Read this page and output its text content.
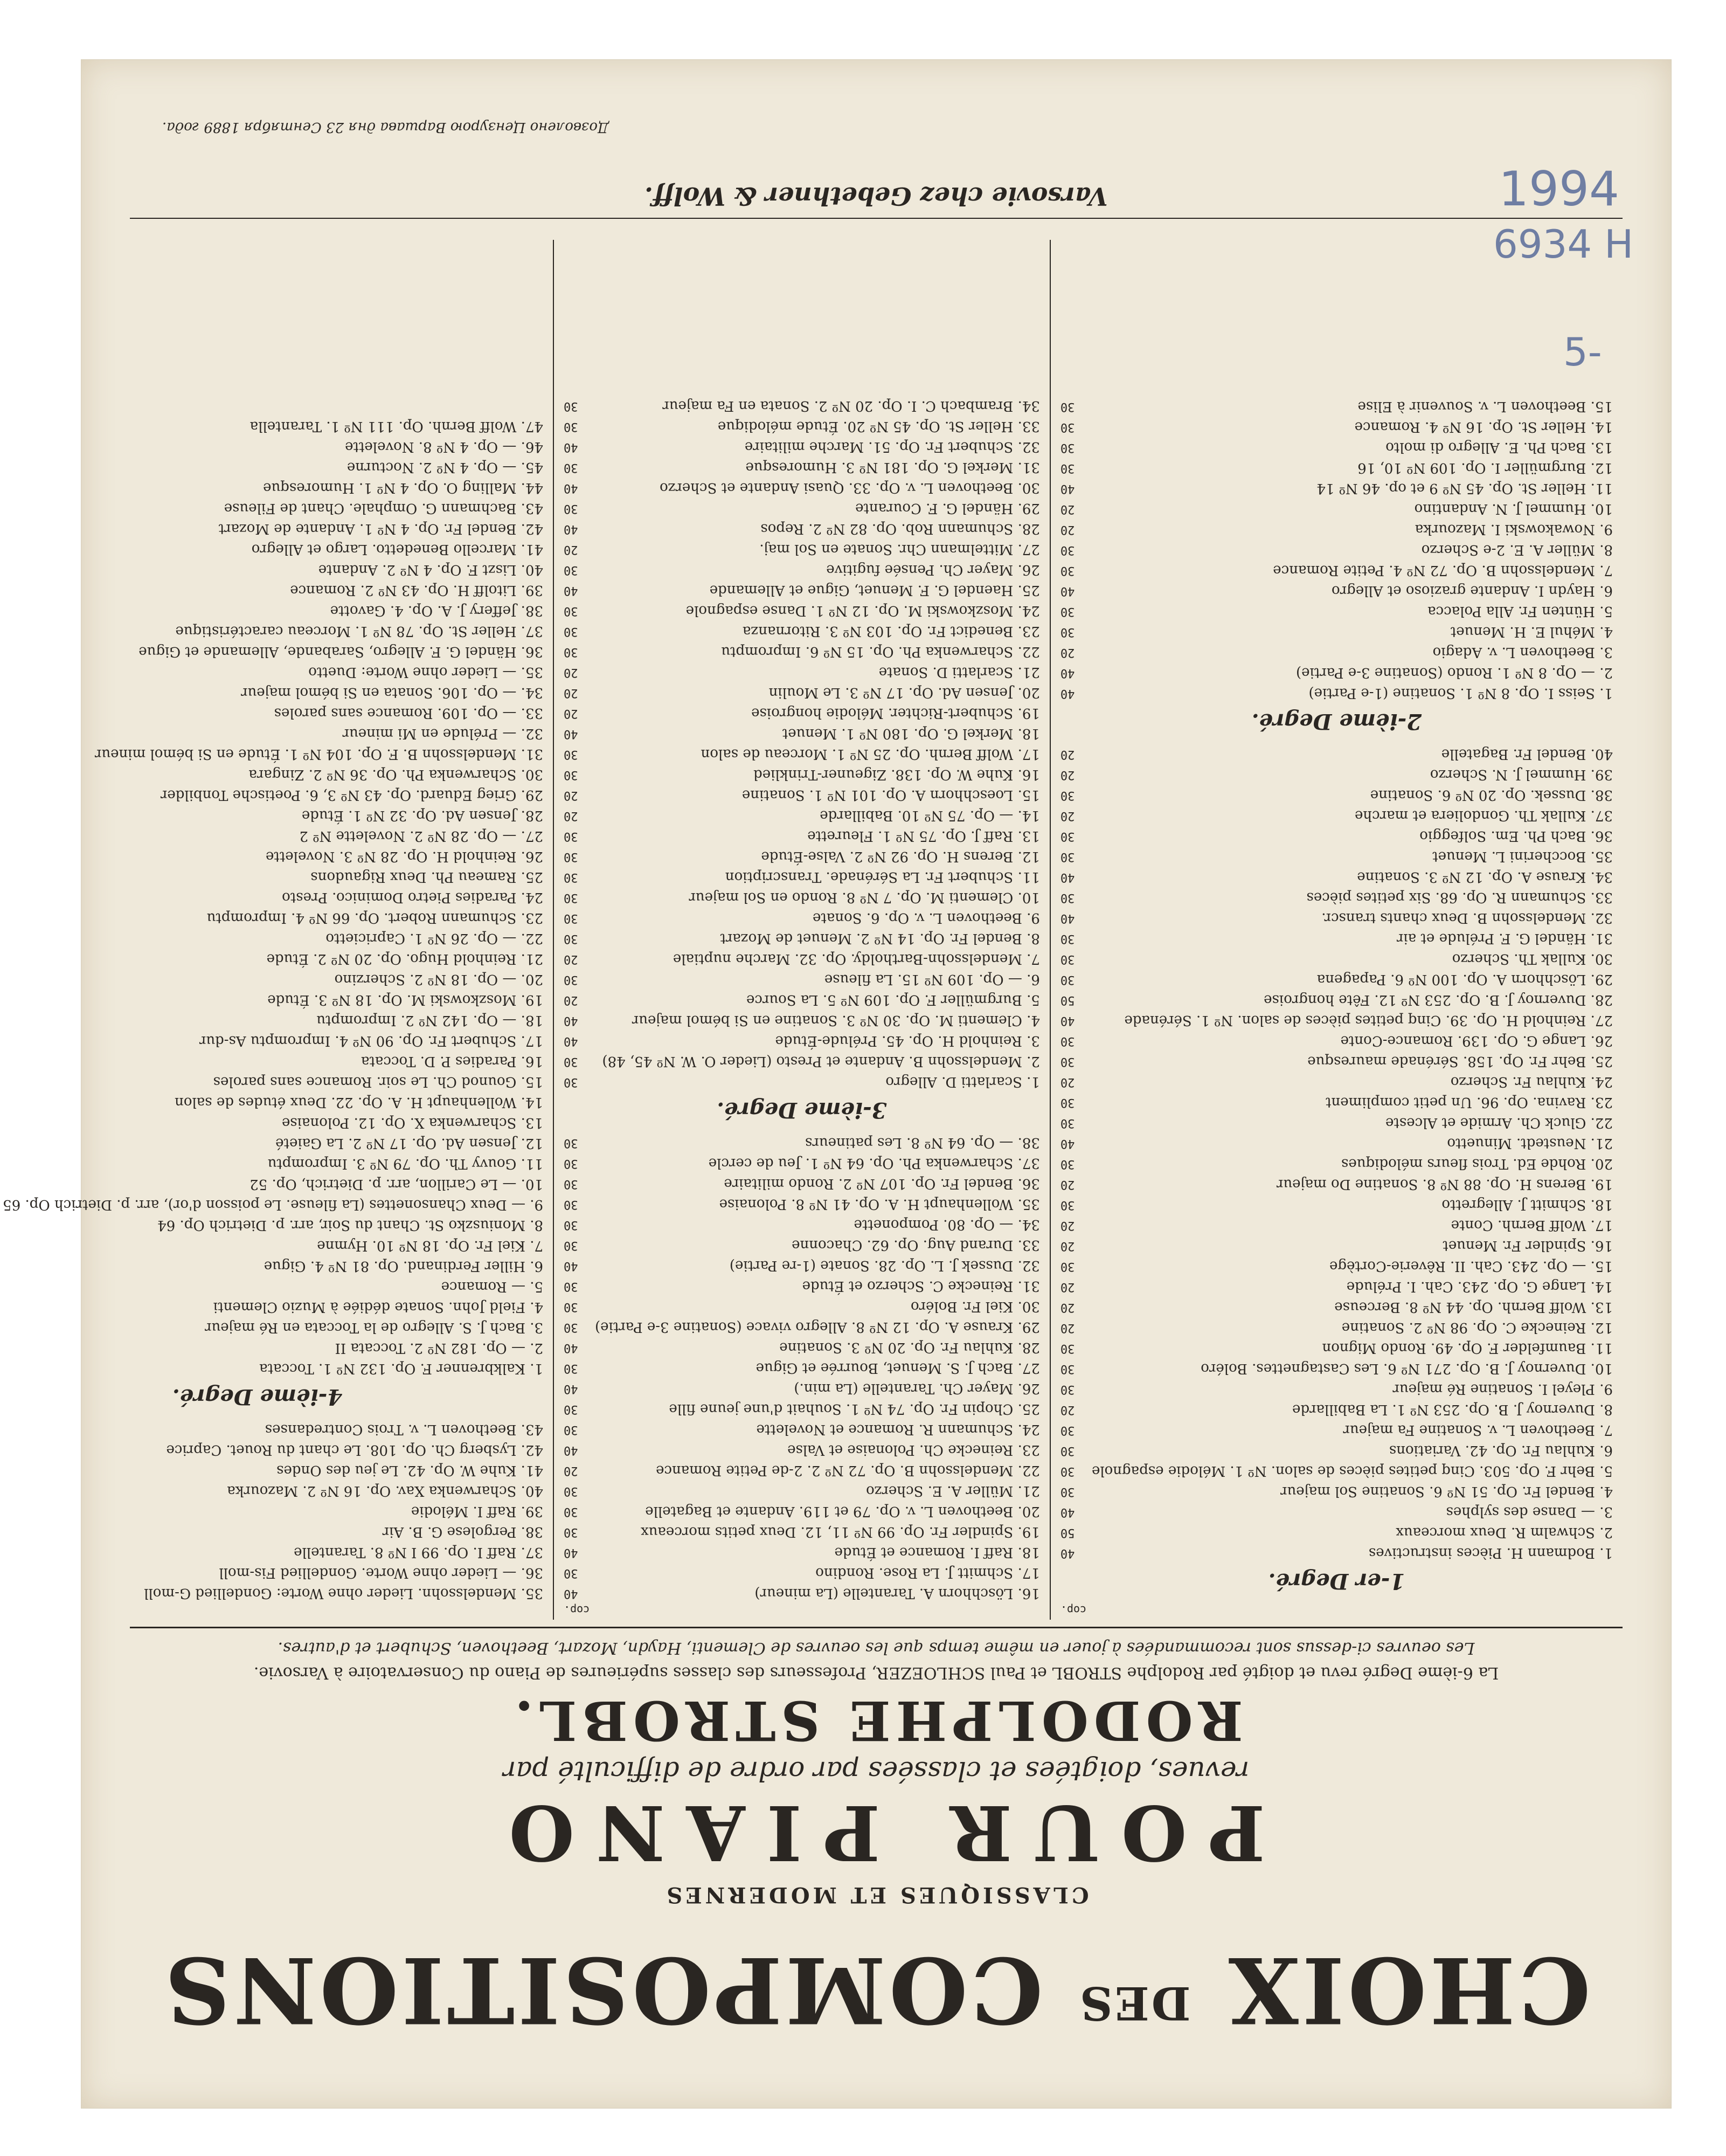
CHOIX $^{DES}$ COMPOSITIONS
CLASSIQUES ET MODERNES
POUR PIANO
revues, doigtées et classées par ordre de difficulté par
RODOLPHE STROBL.
La 6-ième Degré revu et doigté par Rodolphe STROBL et Paul SCHLOEZER, Professeurs des classes supérieures de Piano du Conservatoire à Varsovie.
Les oeuvres ci-dessus sont recommandées à jouer en même temps que les oeuvres de Clementi, Haydn, Mozart, Beethoven, Schubert et d'autres.
cop.
1-er Degré.
1. Bodmann H. Pièces instructives
40
2. Schwalm R. Deux morceaux
50
3. — Danse des sylphes
40
4. Bendel Fr. Op. 51 Nº 6. Sonatine Sol majeur
30
5. Behr F. Op. 503. Cinq petites pièces de salon. Nº 1. Mélodie espagnole
30
6. Kuhlau Fr. Op. 42. Variations
30
7. Beethoven L. v. Sonatine Fa majeur
30
8. Duvernoy J. B. Op. 253 Nº 1. La Babillarde
20
9. Pleyel I. Sonatine Ré majeur
30
10. Duvernoy J. B. Op. 271 Nº 6. Les Castagnettes. Boléro
30
11. Baumfelder F. Op. 49. Rondo Mignon
30
12. Reinecke C. Op. 98 Nº 2. Sonatine
20
13. Wolff Bernh. Op. 44 Nº 8. Berceuse
20
14. Lange G. Op. 243. Cah. I. Prélude
20
15. — Op. 243. Cah. II. Rêverie-Cortège
30
16. Spindler Fr. Menuet
20
17. Wolff Bernh. Conte
20
18. Schmitt J. Allegretto
30
19. Berens H. Op. 88 Nº 8. Sonatine Do majeur
20
20. Rohde Ed. Trois fleurs mélodiques
30
21. Neustedt. Minuetto
40
22. Gluck Ch. Armide et Alceste
30
23. Ravina. Op. 96. Un petit compliment
30
24. Kuhlau Fr. Scherzo
20
25. Behr Fr. Op. 158. Sérénade mauresque
30
26. Lange G. Op. 139. Romance-Conte
30
27. Reinhold H. Op. 39. Cinq petites pièces de salon. Nº 1. Sérénade
40
28. Duvernoy J. B. Op. 253 Nº 12. Fête hongroise
50
29. Löschhorn A. Op. 100 Nº 6. Papagena
30
30. Kullak Th. Scherzo
30
31. Händel G. F. Prélude et air
30
32. Mendelssohn B. Deux chants transcr.
40
33. Schumann R. Op. 68. Six petites pièces
30
34. Krause A. Op. 12 Nº 3. Sonatine
40
35. Boccherini L. Menuet
30
36. Bach Ph. Em. Solfeggio
30
37. Kullak Th. Gondoliera et marche
20
38. Dussek. Op. 20 Nº 6. Sonatine
30
39. Hummel J. N. Scherzo
20
40. Bendel Fr. Bagatelle
20
2-ième Degré.
1. Seiss I. Op. 8 Nº 1. Sonatine (1-e Partie)
40
2. — Op. 8 Nº 1. Rondo (Sonatine 3-e Partie)
40
3. Beethoven L. v. Adagio
20
4. Méhul E. H. Menuet
30
5. Hünten Fr. Alla Polacca
30
6. Haydn I. Andante grazioso et Allegro
40
7. Mendelssohn B. Op. 72 Nº 4. Petite Romance
30
8. Müller A. E. 2-e Scherzo
30
9. Nowakowski I. Mazourka
20
10. Hummel J. N. Andantino
20
11. Heller St. Op. 45 Nº 9 et op. 46 Nº 14
40
12. Burgmüller I. Op. 109 Nº 10, 16
30
13. Bach Ph. E. Allegro di molto
30
14. Heller St. Op. 16 Nº 4. Romance
30
15. Beethoven L. v. Souvenir à Elise
30
cop.
16. Löschhorn A. Tarantelle (La mineur)
40
17. Schmitt J. La Rose. Rondino
30
18. Raff I. Romance et Étude
40
19. Spindler Fr. Op. 99 Nº 11, 12. Deux petits morceaux
30
20. Beethoven L. v. Op. 79 et 119. Andante et Bagatelle
30
21. Müller A. E. Scherzo
30
22. Mendelssohn B. Op. 72 Nº 2. 2-de Petite Romance
20
23. Reinecke Ch. Polonaise et Valse
40
24. Schumann R. Romance et Novelette
30
25. Chopin Fr. Op. 74 Nº 1. Souhait d'une jeune fille
30
26. Mayer Ch. Tarantelle (La min.)
40
27. Bach J. S. Menuet, Bourrée et Gigue
30
28. Kuhlau Fr. Op. 20 Nº 3. Sonatine
40
29. Krause A. Op. 12 Nº 8. Allegro vivace (Sonatine 3-e Partie)
30
30. Kiel Fr. Boléro
30
31. Reinecke C. Scherzo et Étude
30
32. Dussek J. L. Op. 28. Sonate (1-re Partie)
40
33. Durand Aug. Op. 62. Chaconne
30
34. — Op. 80. Pomponette
30
35. Wollenhaupt H. A. Op. 41 Nº 8. Polonaise
30
36. Bendel Fr. Op. 107 Nº 2. Rondo militaire
30
37. Scharwenka Ph. Op. 64 Nº 1. Jeu de cercle
30
38. — Op. 64 Nº 8. Les patineurs
30
3-ième Degré.
1. Scarlatti D. Allegro
30
2. Mendelssohn B. Andante et Presto (Lieder O. W. Nº 45, 48)
30
3. Reinhold H. Op. 45. Prélude-Étude
40
4. Clementi M. Op. 30 Nº 3. Sonatine en Si bémol majeur
40
5. Burgmüller F. Op. 109 Nº 5. La Source
20
6. — Op. 109 Nº 15. La fileuse
30
7. Mendelssohn-Bartholdy. Op. 32. Marche nuptiale
20
8. Bendel Fr. Op. 14 Nº 2. Menuet de Mozart
30
9. Beethoven L. v. Op. 6. Sonate
30
10. Clementi M. Op. 7 Nº 8. Rondo en Sol majeur
30
11. Schubert Fr. La Sérénade. Transcription
30
12. Berens H. Op. 92 Nº 2. Valse-Étude
30
13. Raff J. Op. 75 Nº 1. Fleurette
30
14. — Op. 75 Nº 10. Babillarde
20
15. Loeschhorn A. Op. 101 Nº 1. Sonatine
20
16. Kuhe W. Op. 138. Zigeuner-Trinklied
30
17. Wolff Bernh. Op. 25 Nº 1. Morceau de salon
30
18. Merkel G. Op. 180 Nº 1. Menuet
40
19. Schubert-Richter. Mélodie hongroise
20
20. Jensen Ad. Op. 17 Nº 3. Le Moulin
20
21. Scarlatti D. Sonate
20
22. Scharwenka Ph. Op. 15 Nº 6. Impromptu
30
23. Benedict Fr. Op. 103 Nº 3. Ritornanza
30
24. Moszkowski M. Op. 12 Nº 1. Danse espagnole
30
25. Haendel G. F. Menuet, Gigue et Allemande
40
26. Mayer Ch. Pensée fugitive
30
27. Mittelmann Chr. Sonate en Sol maj.
20
28. Schumann Rob. Op. 82 Nº 2. Repos
40
29. Händel G. F. Courante
30
30. Beethoven L. v. Op. 33. Quasi Andante et Scherzo
40
31. Merkel G. Op. 181 Nº 3. Humoresque
30
32. Schubert Fr. Op. 51. Marche militaire
40
33. Heller St. Op. 45 Nº 20. Étude mélodique
30
34. Brambach C. I. Op. 20 Nº 2. Sonata en Fa majeur
30
35. Mendelssohn. Lieder ohne Worte: Gondellied G-moll
36. — Lieder ohne Worte. Gondellied Fis-moll
37. Raff I. Op. 99 I Nº 8. Tarantelle
38. Pergolese G. B. Air
39. Raff I. Mélodie
40. Scharwenka Xav. Op. 16 Nº 2. Mazourka
41. Kuhe W. Op. 42. Le jeu des Ondes
42. Lysberg Ch. Op. 108. Le chant du Rouet. Caprice
43. Beethoven L. v. Trois Contredanses
4-ième Degré.
1. Kalkbrenner F. Op. 132 Nº 1. Toccata
2. — Op. 182 Nº 2. Toccata II
3. Bach J. S. Allegro de la Toccata en Ré majeur
4. Field John. Sonate dédiée à Muzio Clementi
5. — Romance
6. Hiller Ferdinand. Op. 81 Nº 4. Gigue
7. Kiel Fr. Op. 18 Nº 10. Hymne
8. Moniuszko St. Chant du Soir, arr. p. Dietrich Op. 64
9. — Deux Chansonettes (La fileuse. Le poisson d'or), arr. p. Dietrich Op. 65
10. — Le Carillon, arr. p. Dietrich, Op. 52
11. Gouvy Th. Op. 79 Nº 3. Impromptu
12. Jensen Ad. Op. 17 Nº 2. La Gaieté
13. Scharwenka X. Op. 12. Polonaise
14. Wollenhaupt H. A. Op. 22. Deux études de salon
15. Gounod Ch. Le soir. Romance sans paroles
16. Paradies P. D. Toccata
17. Schubert Fr. Op. 90 Nº 4. Impromptu As-dur
18. — Op. 142 Nº 2. Impromptu
19. Moszkowski M. Op. 18 Nº 3. Étude
20. — Op. 18 Nº 2. Scherzino
21. Reinhold Hugo. Op. 20 Nº 2. Étude
22. — Op. 26 Nº 1. Capricietto
23. Schumann Robert. Op. 66 Nº 4. Impromptu
24. Paradies Pietro Dominico. Presto
25. Rameau Ph. Deux Rigaudons
26. Reinhold H. Op. 28 Nº 3. Novelette
27. — Op. 28 Nº 2. Novelette Nº 2
28. Jensen Ad. Op. 32 Nº 1. Étude
29. Grieg Eduard. Op. 43 Nº 3, 6. Poetische Tonbilder
30. Scharwenka Ph. Op. 36 Nº 2. Zingara
31. Mendelssohn B. F. Op. 104 Nº 1. Étude en Si bémol mineur
32. — Prélude en Mi mineur
33. — Op. 109. Romance sans paroles
34. — Op. 106. Sonata en Si bémol majeur
35. — Lieder ohne Worte: Duetto
36. Händel G. F. Allegro, Sarabande, Allemande et Gigue
37. Heller St. Op. 78 Nº 1. Morceau caractéristique
38. Jeffery J. A. Op. 4. Gavotte
39. Litolff H. Op. 43 Nº 2. Romance
40. Liszt F. Op. 4 Nº 2. Andante
41. Marcello Benedetto. Largo et Allegro
42. Bendel Fr. Op. 4 Nº 1. Andante de Mozart
43. Bachmann G. Omphale. Chant de Fileuse
44. Malling O. Op. 4 Nº 1. Humoresque
45. — Op. 4 Nº 2. Nocturne
46. — Op. 4 Nº 8. Novelette
47. Wolff Bernh. Op. 111 Nº 1. Tarantella
Varsovie chez Gebethner & Wolff.
Дозволено Цензурою Варшава дня 23 Сентября 1889 года.
1994
6934 Н
5-
